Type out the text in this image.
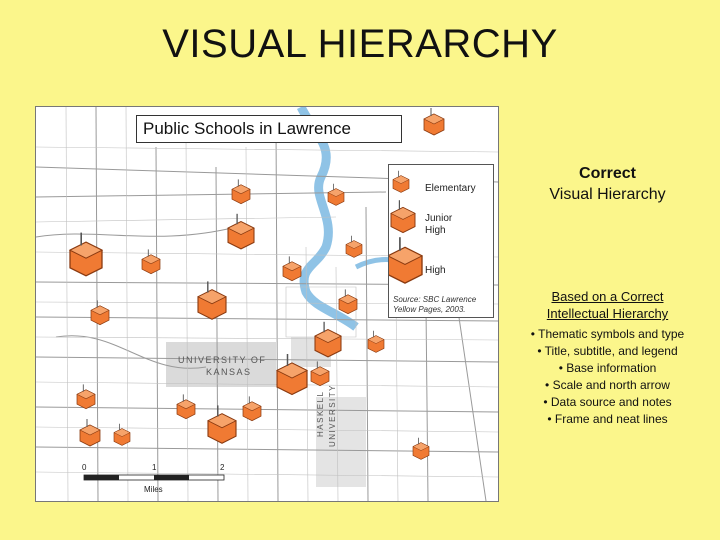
VISUAL HIERARCHY
Public Schools in Lawrence
Elementary
Junior
High
High
Source: SBC Lawrence
Yellow Pages, 2003.
UNIVERSITY OF
KANSAS
HASKELL UNIVERSITY
0	1	2
Miles
Correct
Visual Hierarchy
Based on a Correct
Intellectual Hierarchy
• Thematic symbols and type
• Title, subtitle, and legend
• Base information
• Scale and north arrow
• Data source and notes
• Frame and neat lines
